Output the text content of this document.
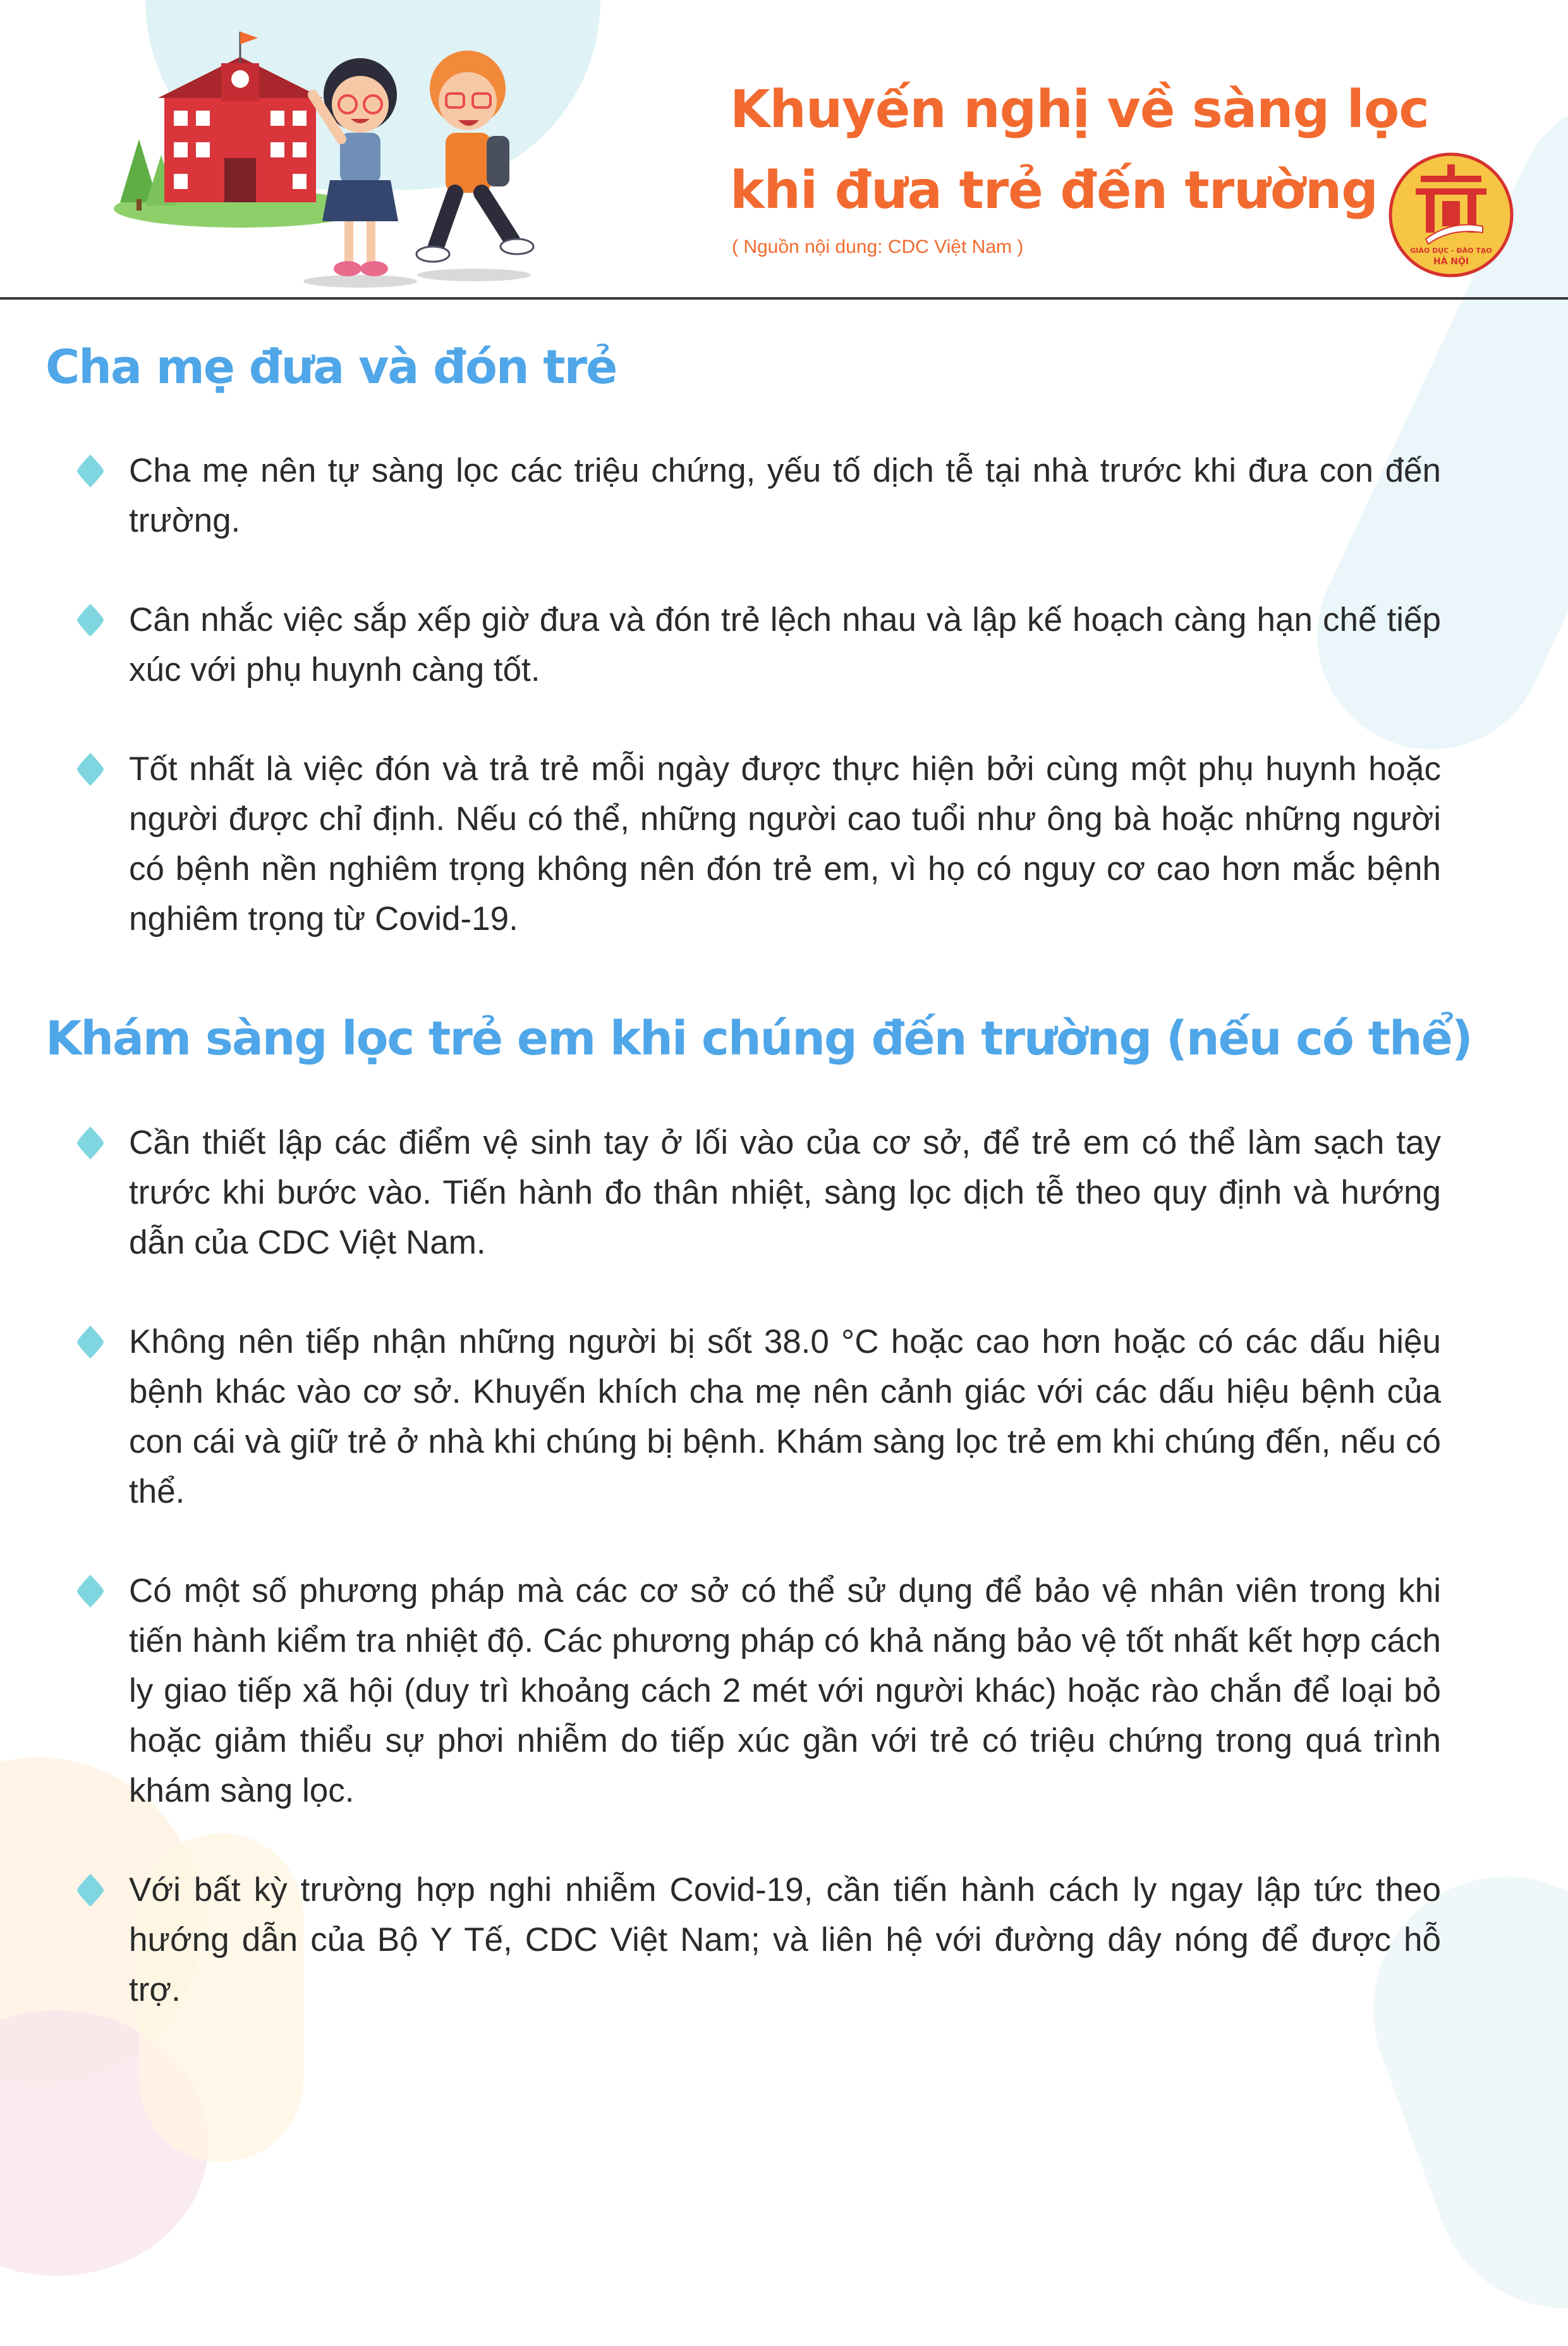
Khuyến nghị về sàng lọc
khi đưa trẻ đến trường
( Nguồn nội dung: CDC Việt Nam )	GIÁO DỤC - ĐÀO TẠO
HÀ NỘI
Cha mẹ đưa và đón trẻ
Cha mẹ nên tự sàng lọc các triệu chứng, yếu tố dịch tễ tại nhà trước khi đưa con đến trường.
Cân nhắc việc sắp xếp giờ đưa và đón trẻ lệch nhau và lập kế hoạch càng hạn chế tiếp xúc với phụ huynh càng tốt.
Tốt nhất là việc đón và trả trẻ mỗi ngày được thực hiện bởi cùng một phụ huynh hoặc người được chỉ định. Nếu có thể, những người cao tuổi như ông bà hoặc những người có bệnh nền nghiêm trọng không nên đón trẻ em, vì họ có nguy cơ cao hơn mắc bệnh nghiêm trọng từ Covid-19.
Khám sàng lọc trẻ em khi chúng đến trường (nếu có thể)
Cần thiết lập các điểm vệ sinh tay ở lối vào của cơ sở, để trẻ em có thể làm sạch tay trước khi bước vào. Tiến hành đo thân nhiệt, sàng lọc dịch tễ theo quy định và hướng dẫn của CDC Việt Nam.
Không nên tiếp nhận những người bị sốt 38.0 °C hoặc cao hơn hoặc có các dấu hiệu bệnh khác vào cơ sở. Khuyến khích cha mẹ nên cảnh giác với các dấu hiệu bệnh của con cái và giữ trẻ ở nhà khi chúng bị bệnh. Khám sàng lọc trẻ em khi chúng đến, nếu có thể.
Có một số phương pháp mà các cơ sở có thể sử dụng để bảo vệ nhân viên trong khi tiến hành kiểm tra nhiệt độ. Các phương pháp có khả năng bảo vệ tốt nhất kết hợp cách ly giao tiếp xã hội (duy trì khoảng cách 2 mét với người khác) hoặc rào chắn để loại bỏ hoặc giảm thiểu sự phơi nhiễm do tiếp xúc gần với trẻ có triệu chứng trong quá trình khám sàng lọc.
Với bất kỳ trường hợp nghi nhiễm Covid-19, cần tiến hành cách ly ngay lập tức theo hướng dẫn của Bộ Y Tế, CDC Việt Nam; và liên hệ với đường dây nóng để được hỗ trợ.
